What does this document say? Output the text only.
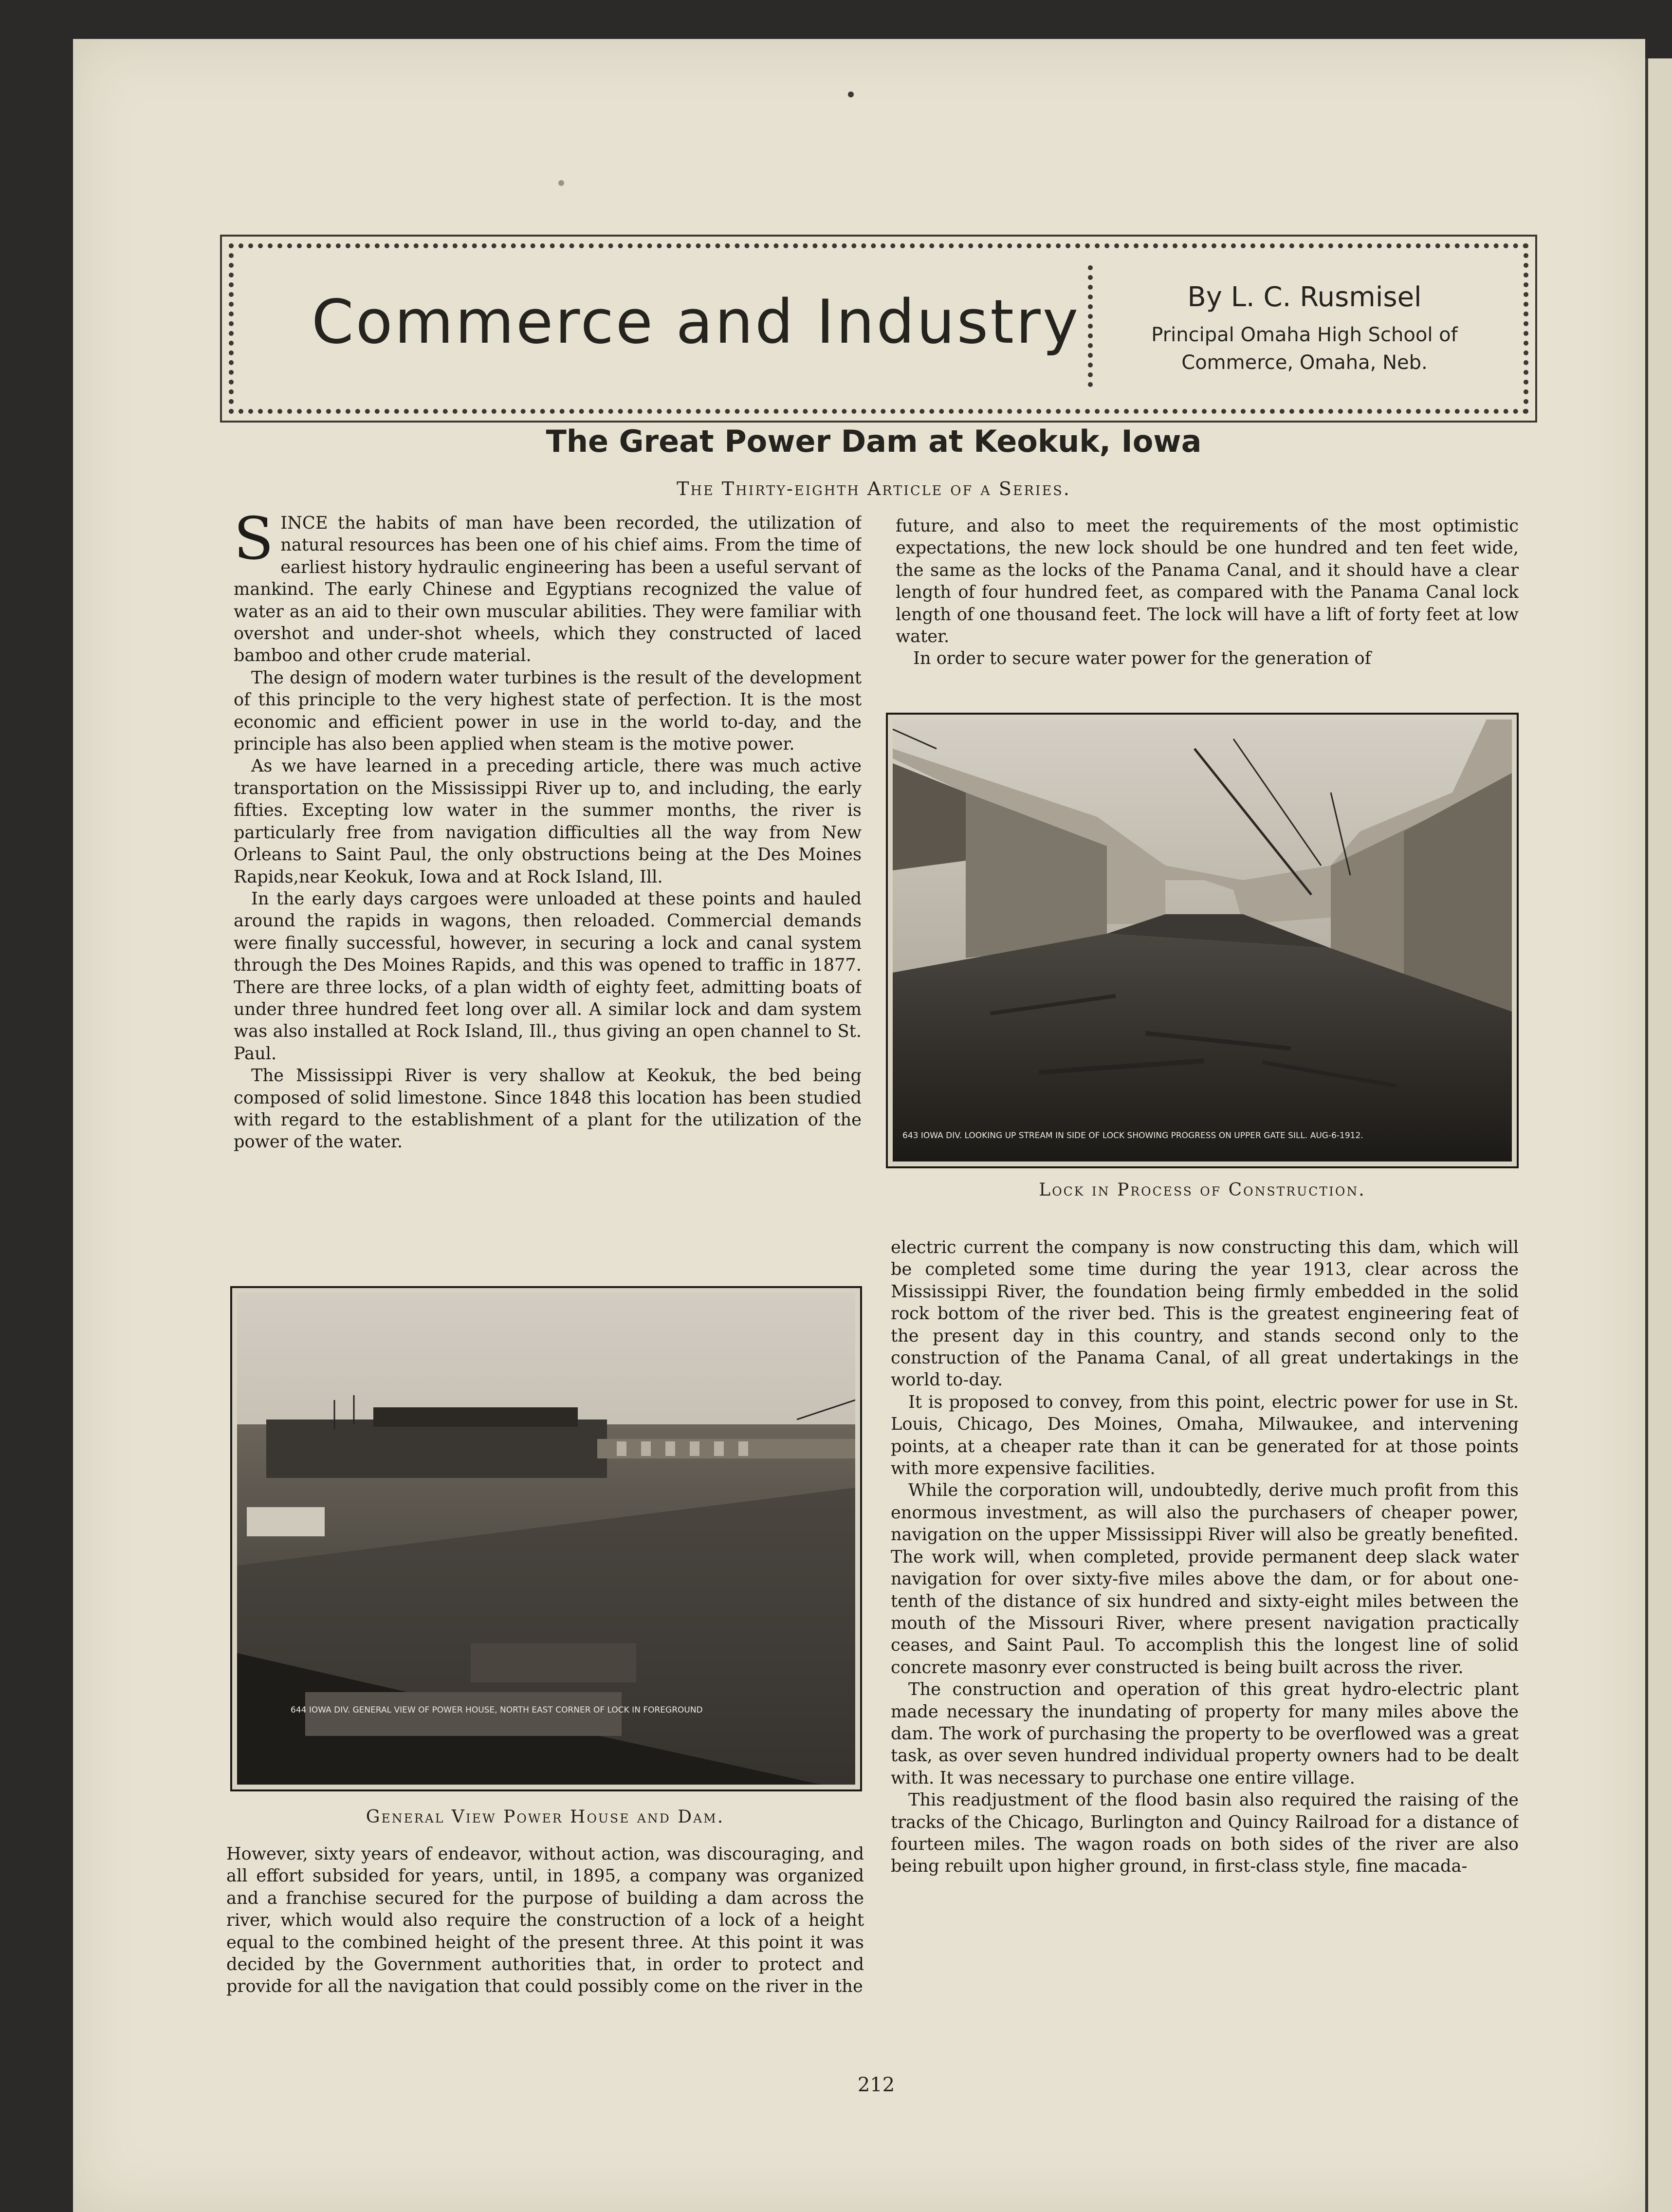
Commerce and Industry	By L. C. Rusmisel
Principal Omaha High School of
Commerce, Omaha, Neb.
The Great Power Dam at Keokuk, Iowa
The Thirty-eighth Article of a Series.

SINCE the habits of man have been recorded, the utilization of natural resources has been one of his chief aims. From the time of earliest history hydraulic engineering has been a useful servant of mankind. The early Chinese and Egyptians recognized the value of water as an aid to their own muscular abilities. They were familiar with overshot and under-shot wheels, which they constructed of laced bamboo and other crude material.

The design of modern water turbines is the result of the development of this principle to the very highest state of perfection. It is the most economic and efficient power in use in the world to-day, and the principle has also been applied when steam is the motive power.

As we have learned in a preceding article, there was much active transportation on the Mississippi River up to, and including, the early fifties. Excepting low water in the summer months, the river is particularly free from navigation difficulties all the way from New Orleans to Saint Paul, the only obstructions being at the Des Moines Rapids,near Keokuk, Iowa and at Rock Island, Ill.

In the early days cargoes were unloaded at these points and hauled around the rapids in wagons, then reloaded. Commercial demands were finally successful, however, in securing a lock and canal system through the Des Moines Rapids, and this was opened to traffic in 1877. There are three locks, of a plan width of eighty feet, admitting boats of under three hundred feet long over all. A similar lock and dam system was also installed at Rock Island, Ill., thus giving an open channel to St. Paul.

The Mississippi River is very shallow at Keokuk, the bed being composed of solid limestone. Since 1848 this location has been studied with regard to the establishment of a plant for the utilization of the power of the water.

future, and also to meet the requirements of the most optimistic expectations, the new lock should be one hundred and ten feet wide, the same as the locks of the Panama Canal, and it should have a clear length of four hundred feet, as compared with the Panama Canal lock length of one thousand feet. The lock will have a lift of forty feet at low water.

In order to secure water power for the generation of

643 IOWA DIV. LOOKING UP STREAM IN SIDE OF LOCK SHOWING PROGRESS ON UPPER GATE SILL. AUG-6-1912.
Lock in Process of Construction.
644 IOWA DIV. GENERAL VIEW OF POWER HOUSE, NORTH EAST CORNER OF LOCK IN FOREGROUND
General View Power House and Dam.

However, sixty years of endeavor, without action, was discouraging, and all effort subsided for years, until, in 1895, a company was organized and a franchise secured for the purpose of building a dam across the river, which would also require the construction of a lock of a height equal to the combined height of the present three. At this point it was decided by the Government authorities that, in order to protect and provide for all the navigation that could possibly come on the river in the

electric current the company is now constructing this dam, which will be completed some time during the year 1913, clear across the Mississippi River, the foundation being firmly embedded in the solid rock bottom of the river bed. This is the greatest engineering feat of the present day in this country, and stands second only to the construction of the Panama Canal, of all great undertakings in the world to-day.

It is proposed to convey, from this point, electric power for use in St. Louis, Chicago, Des Moines, Omaha, Milwaukee, and intervening points, at a cheaper rate than it can be generated for at those points with more expensive facilities.

While the corporation will, undoubtedly, derive much profit from this enormous investment, as will also the purchasers of cheaper power, navigation on the upper Mississippi River will also be greatly benefited. The work will, when completed, provide permanent deep slack water navigation for over sixty-five miles above the dam, or for about one-tenth of the distance of six hundred and sixty-eight miles between the mouth of the Missouri River, where present navigation practically ceases, and Saint Paul. To accomplish this the longest line of solid concrete masonry ever constructed is being built across the river.

The construction and operation of this great hydro-electric plant made necessary the inundating of property for many miles above the dam. The work of purchasing the property to be overflowed was a great task, as over seven hundred individual property owners had to be dealt with. It was necessary to purchase one entire village.

This readjustment of the flood basin also required the raising of the tracks of the Chicago, Burlington and Quincy Railroad for a distance of fourteen miles. The wagon roads on both sides of the river are also being rebuilt upon higher ground, in first-class style, fine macada-

212
